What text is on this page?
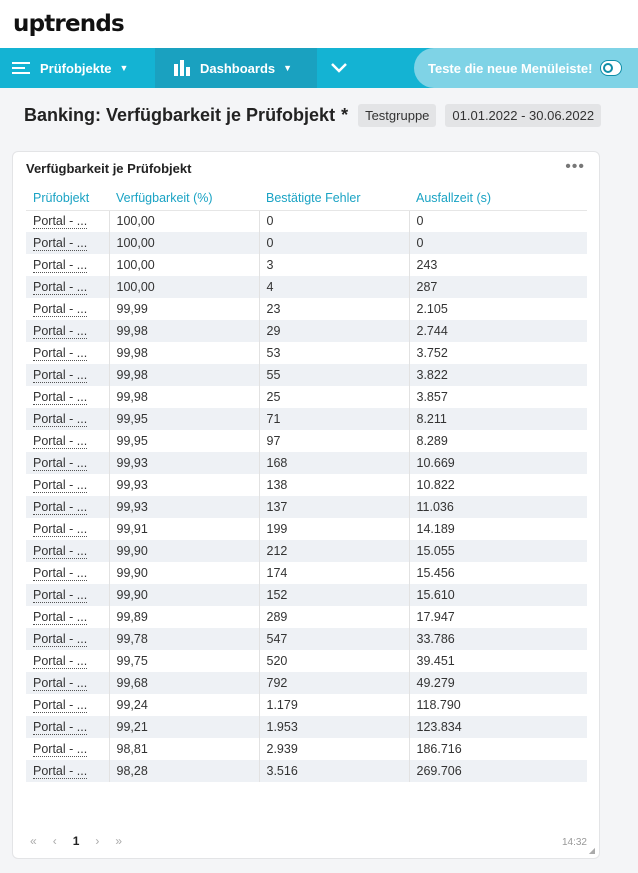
uptrends
Prüfobjekte ▼	Dashboards ▼	Teste die neue Menüleiste!
Banking: Verfügbarkeit je Prüfobjekt *	Testgruppe	01.01.2022 - 30.06.2022
Verfügbarkeit je Prüfobjekt	•••
Prüfobjekt	Verfügbarkeit (%)	Bestätigte Fehler	Ausfallzeit (s)
Portal - ...	100,00	0	0
Portal - ...	100,00	0	0
Portal - ...	100,00	3	243
Portal - ...	100,00	4	287
Portal - ...	99,99	23	2.105
Portal - ...	99,98	29	2.744
Portal - ...	99,98	53	3.752
Portal - ...	99,98	55	3.822
Portal - ...	99,98	25	3.857
Portal - ...	99,95	71	8.211
Portal - ...	99,95	97	8.289
Portal - ...	99,93	168	10.669
Portal - ...	99,93	138	10.822
Portal - ...	99,93	137	11.036
Portal - ...	99,91	199	14.189
Portal - ...	99,90	212	15.055
Portal - ...	99,90	174	15.456
Portal - ...	99,90	152	15.610
Portal - ...	99,89	289	17.947
Portal - ...	99,78	547	33.786
Portal - ...	99,75	520	39.451
Portal - ...	99,68	792	49.279
Portal - ...	99,24	1.179	118.790
Portal - ...	99,21	1.953	123.834
Portal - ...	98,81	2.939	186.716
Portal - ...	98,28	3.516	269.706
« ‹ 1 › »	14:32
◢
